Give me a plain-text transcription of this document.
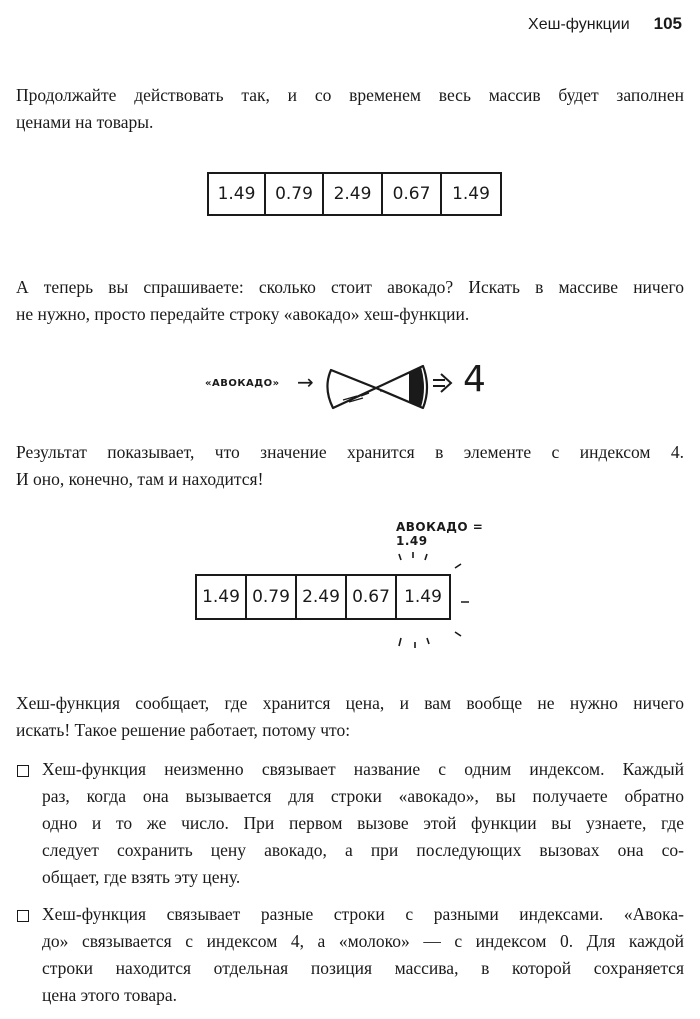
Хеш-функции 105

Продолжайте действовать так, и со временем весь массив будет заполнен
ценами на товары.

1.49	0.79	2.49	0.67	1.49

А теперь вы спрашиваете: сколько стоит авокадо? Искать в массиве ничего
не нужно, просто передайте строку «авокадо» хеш-функции.

«АВОКАДО» →	4

Результат показывает, что значение хранится в элементе с индексом 4.
И оно, конечно, там и находится!

АВОКАДО = 1.49
1.49 0.79 2.49 0.67 1.49

Хеш-функция сообщает, где хранится цена, и вам вообще не нужно ничего
искать! Такое решение работает, потому что:

Хеш-функция неизменно связывает название с одним индексом. Каждый
раз, когда она вызывается для строки «авокадо», вы получаете обратно
одно и то же число. При первом вызове этой функции вы узнаете, где
следует сохранить цену авокадо, а при последующих вызовах она со-
общает, где взять эту цену.
Хеш-функция связывает разные строки с разными индексами. «Авока-
до» связывается с индексом 4, а «молоко» — с индексом 0. Для каждой
строки находится отдельная позиция массива, в которой сохраняется
цена этого товара.
